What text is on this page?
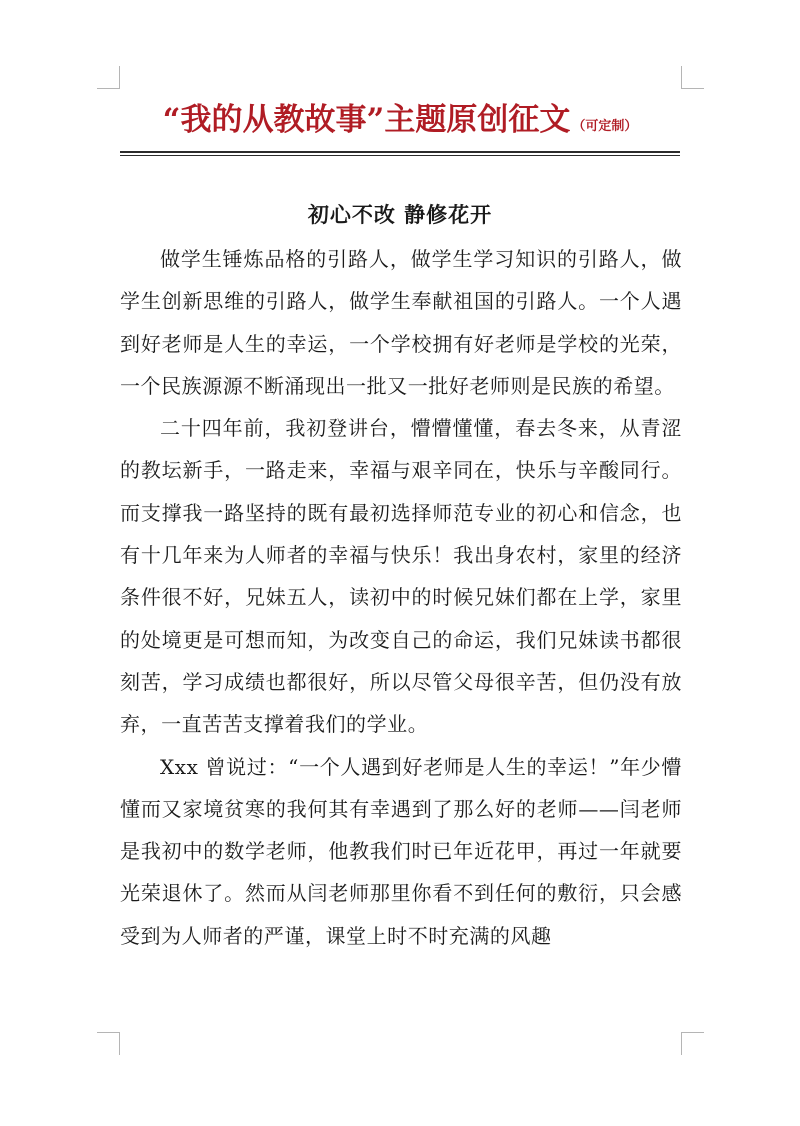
“我的从教故事”主题原创征文 （可定制）
初心不改 静修花开

做学生锤炼品格的引路人，做学生学习知识的引路人，做学生创新思维的引路人，做学生奉献祖国的引路人。一个人遇到好老师是人生的幸运，一个学校拥有好老师是学校的光荣，一个民族源源不断涌现出一批又一批好老师则是民族的希望。

二十四年前，我初登讲台，懵懵懂懂，春去冬来，从青涩的教坛新手，一路走来，幸福与艰辛同在，快乐与辛酸同行。而支撑我一路坚持的既有最初选择师范专业的初心和信念，也有十几年来为人师者的幸福与快乐！我出身农村，家里的经济条件很不好，兄妹五人，读初中的时候兄妹们都在上学，家里的处境更是可想而知，为改变自己的命运，我们兄妹读书都很刻苦，学习成绩也都很好，所以尽管父母很辛苦，但仍没有放弃，一直苦苦支撑着我们的学业。

Xxx 曾说过：“一个人遇到好老师是人生的幸运！”年少懵懂而又家境贫寒的我何其有幸遇到了那么好的老师——闫老师是我初中的数学老师，他教我们时已年近花甲，再过一年就要光荣退休了。然而从闫老师那里你看不到任何的敷衍，只会感受到为人师者的严谨，课堂上时不时充满的风趣
